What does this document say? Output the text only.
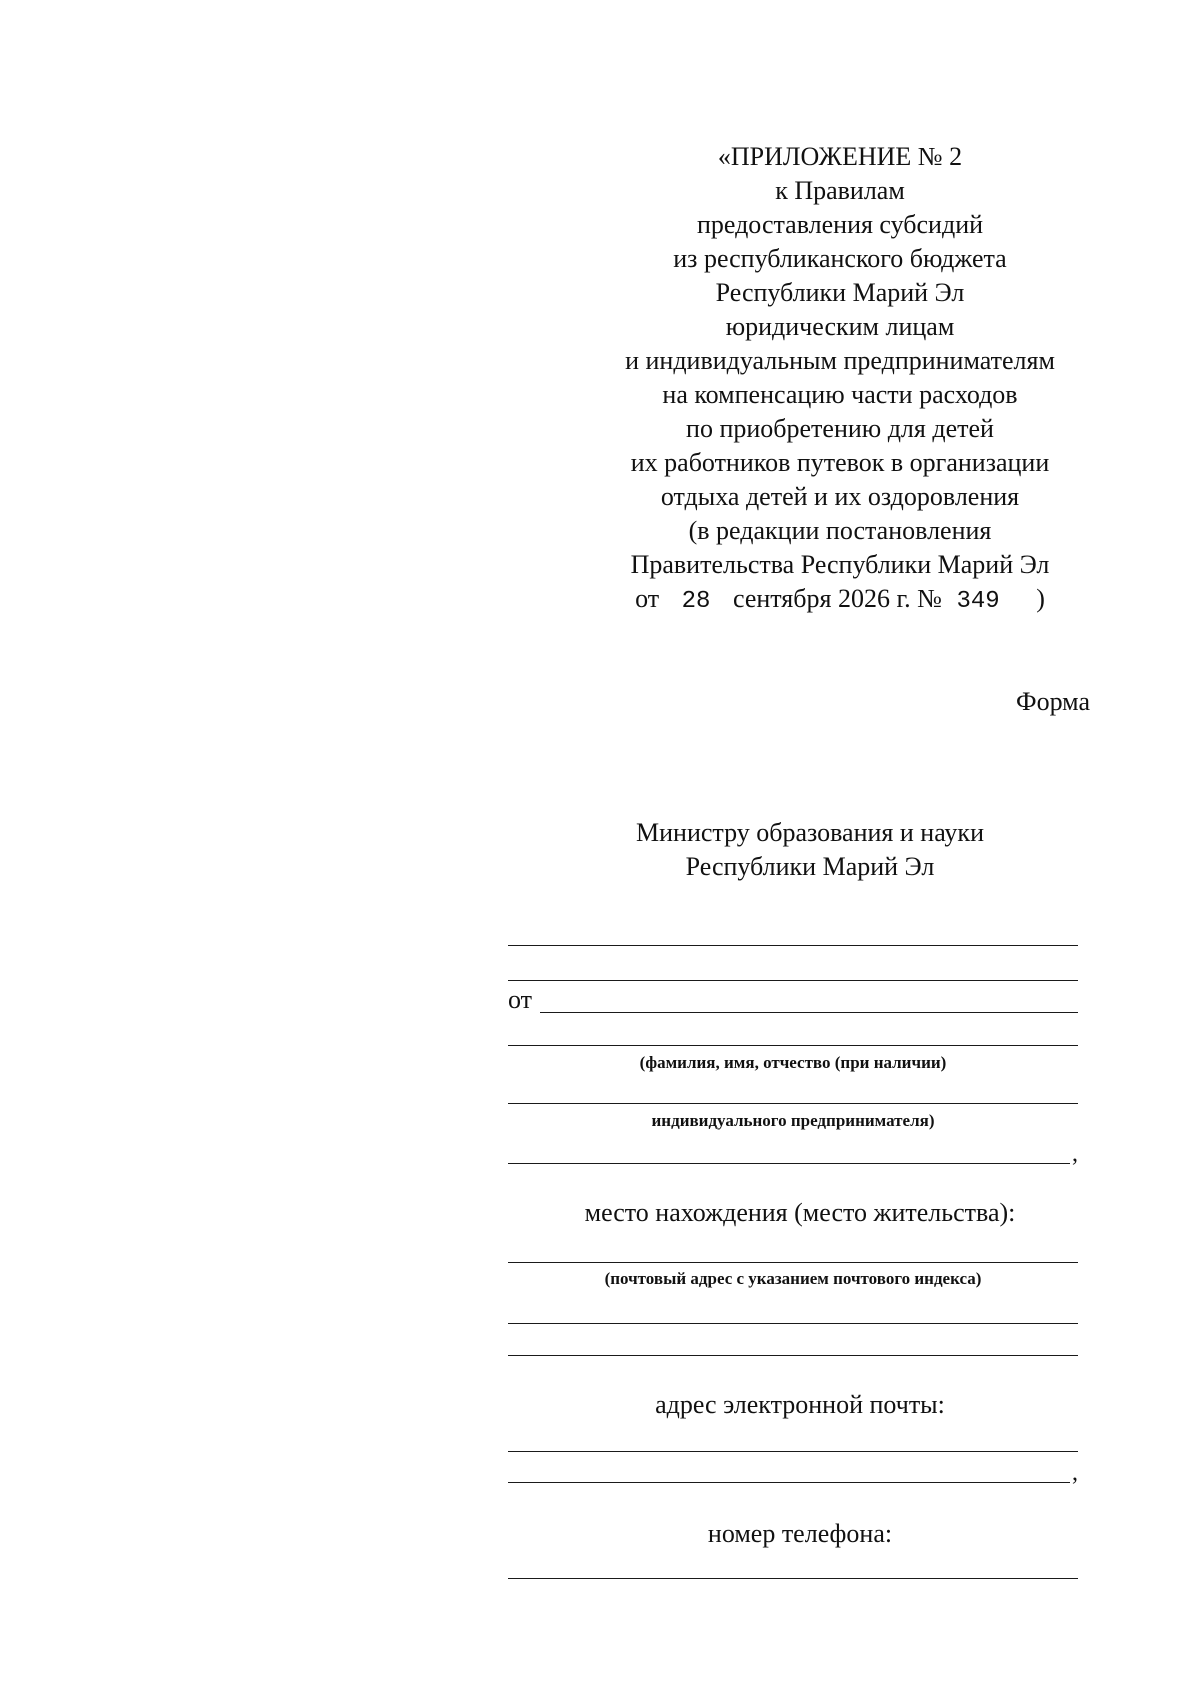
«ПРИЛОЖЕНИЕ № 2
к Правилам
предоставления субсидий
из республиканского бюджета
Республики Марий Эл
юридическим лицам
и индивидуальным предпринимателям
на компенсацию части расходов
по приобретению для детей
их работников путевок в организации
отдыха детей и их оздоровления
(в редакции постановления
Правительства Республики Марий Эл
от 28 сентября 2026 г. № 349 )
Форма
Министру образования и науки
Республики Марий Эл
от
(фамилия, имя, отчество (при наличии)
индивидуального предпринимателя)
,
место нахождения (место жительства):
(почтовый адрес с указанием почтового индекса)
адрес электронной почты:
,
номер телефона:
